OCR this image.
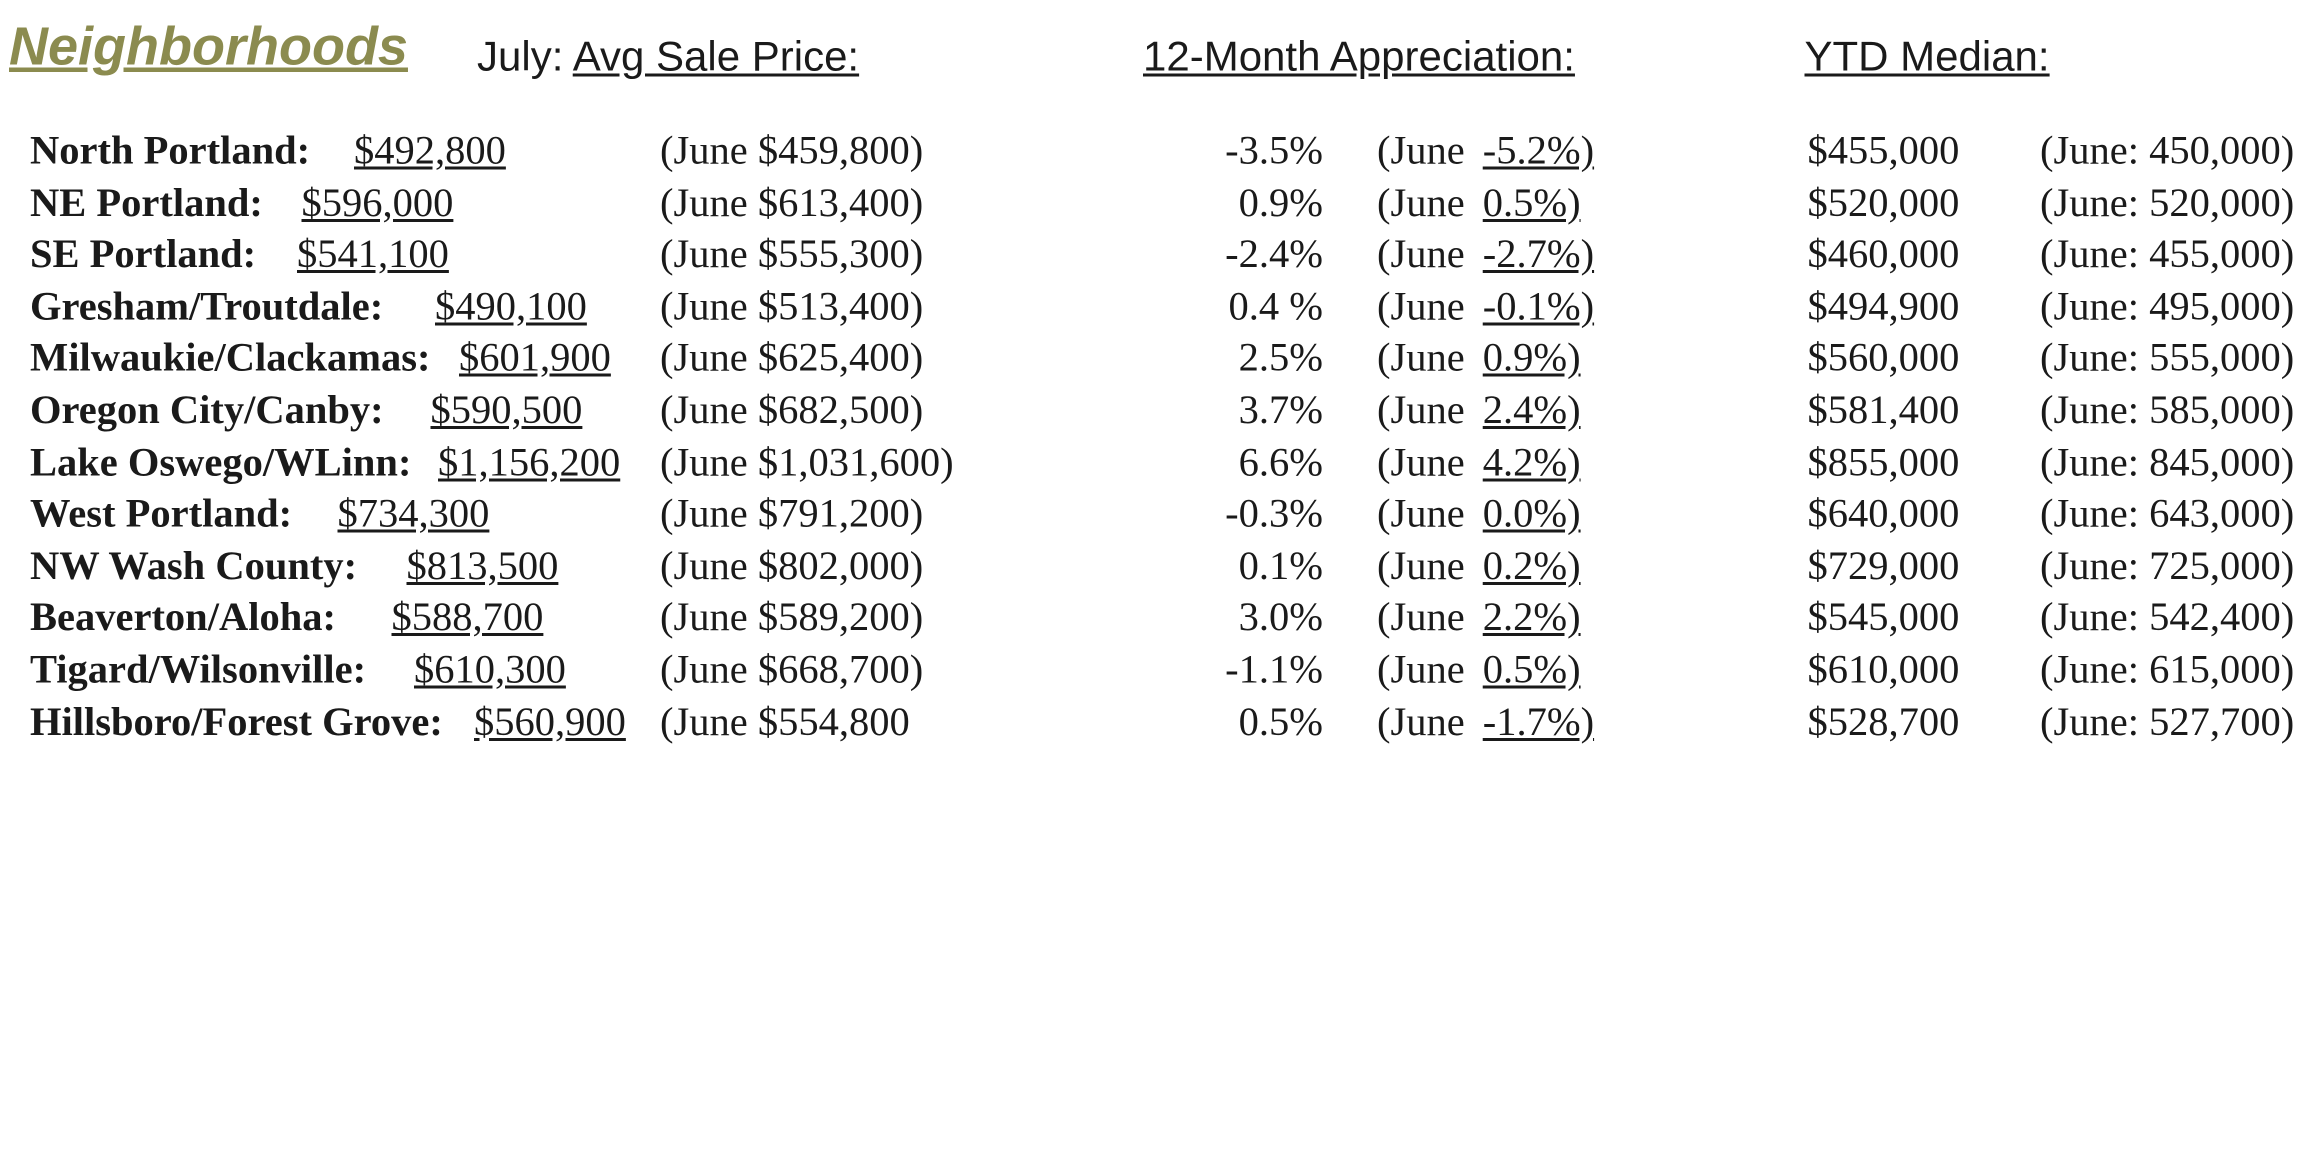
Neighborhoods July: Avg Sale Price:	12-Month Appreciation:	YTD Median:
North Portland: $492,800	(June $459,800)	-3.5% (June -5.2%)	$455,000	(June: 450,000)
NE Portland: $596,000	(June $613,400)	0.9% (June 0.5%)	$520,000	(June: 520,000)
SE Portland: $541,100	(June $555,300)	-2.4% (June -2.7%)	$460,000	(June: 455,000)
Gresham/Troutdale: $490,100	(June $513,400)	0.4 % (June -0.1%)	$494,900	(June: 495,000)
Milwaukie/Clackamas: $601,900 (June $625,400)	2.5% (June 0.9%)	$560,000	(June: 555,000)
Oregon City/Canby: $590,500	(June $682,500)	3.7% (June 2.4%)	$581,400	(June: 585,000)
Lake Oswego/WLinn: $1,156,200 (June $1,031,600)	6.6% (June 4.2%)	$855,000	(June: 845,000)
West Portland: $734,300	(June $791,200)	-0.3% (June 0.0%)	$640,000	(June: 643,000)
NW Wash County: $813,500	(June $802,000)	0.1% (June 0.2%)	$729,000	(June: 725,000)
Beaverton/Aloha: $588,700	(June $589,200)	3.0% (June 2.2%)	$545,000	(June: 542,400)
Tigard/Wilsonville: $610,300	(June $668,700)	-1.1% (June 0.5%)	$610,000	(June: 615,000)
Hillsboro/Forest Grove: $560,900 (June $554,800	0.5% (June -1.7%)	$528,700	(June: 527,700)
